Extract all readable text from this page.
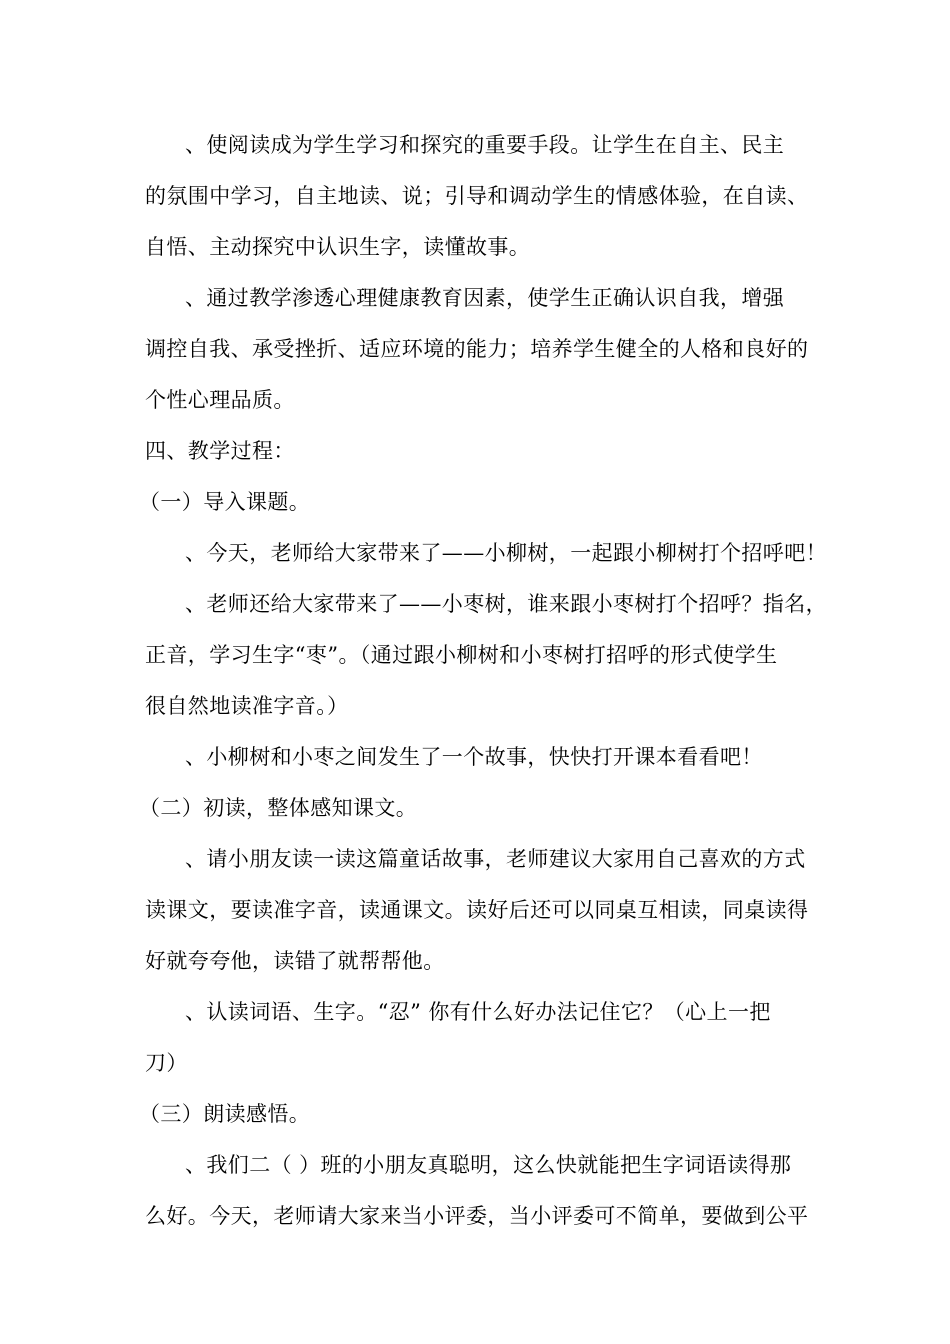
、使阅读成为学生学习和探究的重要手段。让学生在自主、民主
的氛围中学习，自主地读、说；引导和调动学生的情感体验，在自读、
自悟、主动探究中认识生字，读懂故事。
、通过教学渗透心理健康教育因素，使学生正确认识自我，增强
调控自我、承受挫折、适应环境的能力；培养学生健全的人格和良好的
个性心理品质。
四、教学过程：
（一）导入课题。
、今天，老师给大家带来了——小柳树，一起跟小柳树打个招呼吧！
、老师还给大家带来了——小枣树，谁来跟小枣树打个招呼？指名，
正音，学习生字“枣”。（通过跟小柳树和小枣树打招呼的形式使学生
很自然地读准字音。）
、小柳树和小枣之间发生了一个故事，快快打开课本看看吧！
（二）初读，整体感知课文。
、请小朋友读一读这篇童话故事，老师建议大家用自己喜欢的方式
读课文，要读准字音，读通课文。读好后还可以同桌互相读，同桌读得
好就夸夸他，读错了就帮帮他。
、认读词语、生字。“忍” 你有什么好办法记住它？（心上一把
刀）
（三）朗读感悟。
、我们二（ ）班的小朋友真聪明，这么快就能把生字词语读得那
么好。今天，老师请大家来当小评委，当小评委可不简单，要做到公平
